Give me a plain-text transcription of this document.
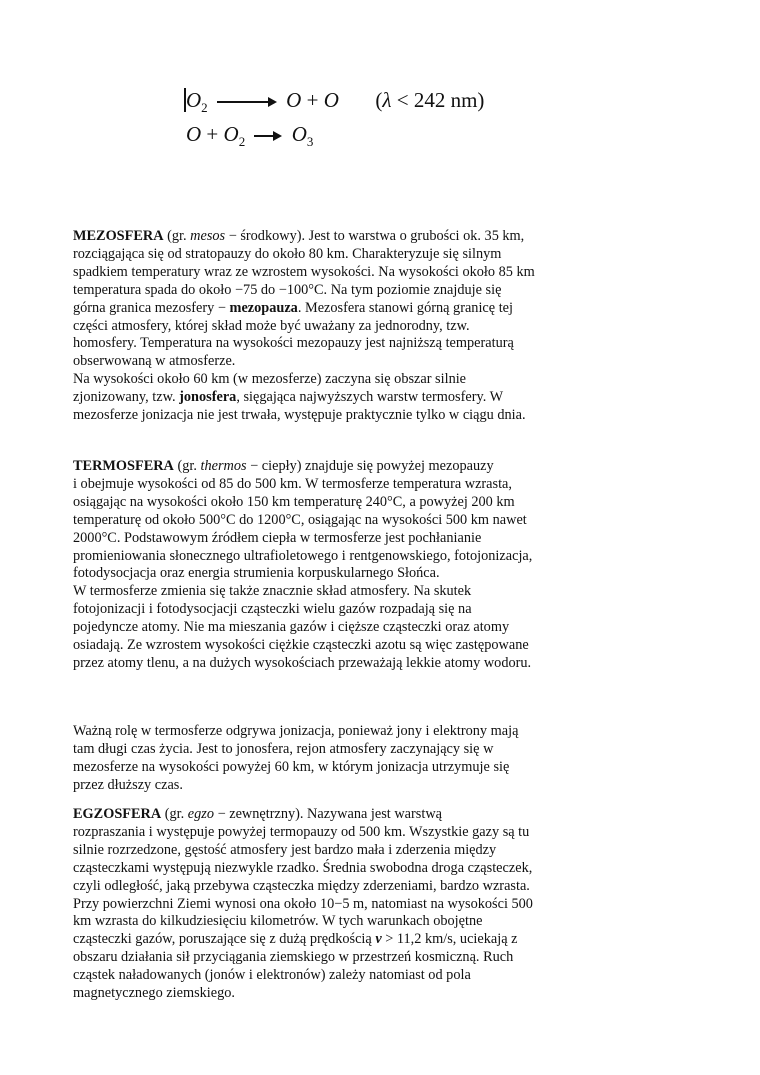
$O_2$	O + O (λ < 242 nm)
$O + O_2$ $O_3$
MEZOSFERA (gr. mesos − środkowy). Jest to warstwa o grubości ok. 35 km,
rozciągająca się od stratopauzy do około 80 km. Charakteryzuje się silnym
spadkiem temperatury wraz ze wzrostem wysokości. Na wysokości około 85 km
temperatura spada do około −75 do −100°C. Na tym poziomie znajduje się
górna granica mezosfery − mezopauza. Mezosfera stanowi górną granicę tej
części atmosfery, której skład może być uważany za jednorodny, tzw.
homosfery. Temperatura na wysokości mezopauzy jest najniższą temperaturą
obserwowaną w atmosferze.
Na wysokości około 60 km (w mezosferze) zaczyna się obszar silnie
zjonizowany, tzw. jonosfera, sięgająca najwyższych warstw termosfery. W
mezosferze jonizacja nie jest trwała, występuje praktycznie tylko w ciągu dnia.
TERMOSFERA (gr. thermos − ciepły) znajduje się powyżej mezopauzy
i obejmuje wysokości od 85 do 500 km. W termosferze temperatura wzrasta,
osiągając na wysokości około 150 km temperaturę 240°C, a powyżej 200 km
temperaturę od około 500°C do 1200°C, osiągając na wysokości 500 km nawet
2000°C. Podstawowym źródłem ciepła w termosferze jest pochłanianie
promieniowania słonecznego ultrafioletowego i rentgenowskiego, fotojonizacja,
fotodysocjacja oraz energia strumienia korpuskularnego Słońca.
W termosferze zmienia się także znacznie skład atmosfery. Na skutek
fotojonizacji i fotodysocjacji cząsteczki wielu gazów rozpadają się na
pojedyncze atomy. Nie ma mieszania gazów i cięższe cząsteczki oraz atomy
osiadają. Ze wzrostem wysokości ciężkie cząsteczki azotu są więc zastępowane
przez atomy tlenu, a na dużych wysokościach przeważają lekkie atomy wodoru.
Ważną rolę w termosferze odgrywa jonizacja, ponieważ jony i elektrony mają
tam długi czas życia. Jest to jonosfera, rejon atmosfery zaczynający się w
mezosferze na wysokości powyżej 60 km, w którym jonizacja utrzymuje się
przez dłuższy czas.
EGZOSFERA (gr. egzo − zewnętrzny). Nazywana jest warstwą
rozpraszania i występuje powyżej termopauzy od 500 km. Wszystkie gazy są tu
silnie rozrzedzone, gęstość atmosfery jest bardzo mała i zderzenia między
cząsteczkami występują niezwykle rzadko. Średnia swobodna droga cząsteczek,
czyli odległość, jaką przebywa cząsteczka między zderzeniami, bardzo wzrasta.
Przy powierzchni Ziemi wynosi ona około 10−5 m, natomiast na wysokości 500
km wzrasta do kilkudziesięciu kilometrów. W tych warunkach obojętne
cząsteczki gazów, poruszające się z dużą prędkością v > 11,2 km/s, uciekają z
obszaru działania sił przyciągania ziemskiego w przestrzeń kosmiczną. Ruch
cząstek naładowanych (jonów i elektronów) zależy natomiast od pola
magnetycznego ziemskiego.
